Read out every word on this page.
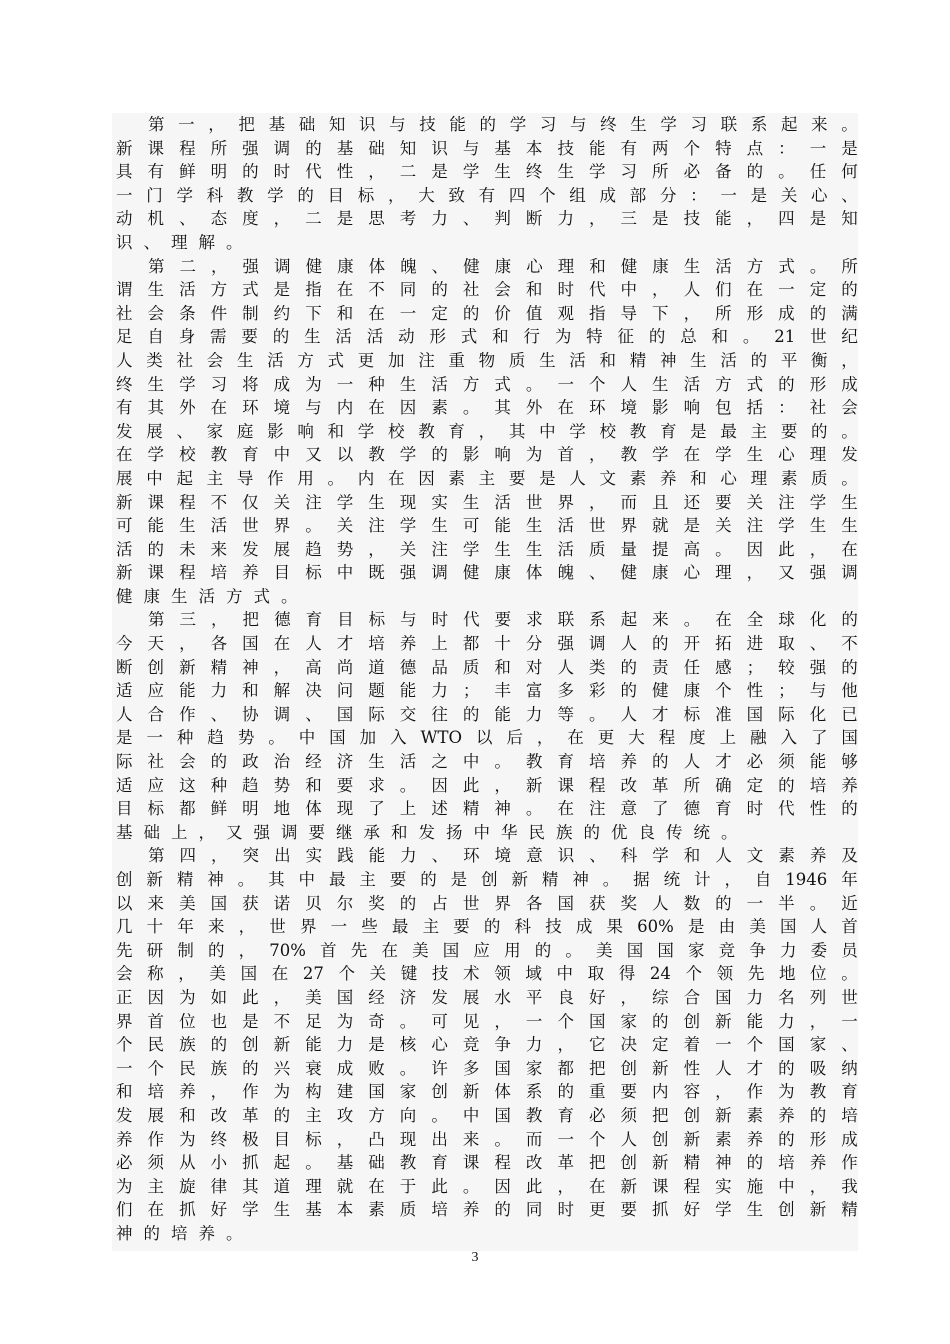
第 一 ， 把 基 础 知 识 与 技 能 的 学 习 与 终 生 学 习 联 系 起 来 。
新 课 程 所 强 调 的 基 础 知 识 与 基 本 技 能 有 两 个 特 点 ： 一 是
具 有 鲜 明 的 时 代 性 ， 二 是 学 生 终 生 学 习 所 必 备 的 。 任 何
一 门 学 科 教 学 的 目 标 ， 大 致 有 四 个 组 成 部 分 ： 一 是 关 心 、
动 机 、 态 度 ， 二 是 思 考 力 、 判 断 力 ， 三 是 技 能 ， 四 是 知
识 、 理 解 。
第 二 ， 强 调 健 康 体 魄 、 健 康 心 理 和 健 康 生 活 方 式 。 所
谓 生 活 方 式 是 指 在 不 同 的 社 会 和 时 代 中 ， 人 们 在 一 定 的
社 会 条 件 制 约 下 和 在 一 定 的 价 值 观 指 导 下 ， 所 形 成 的 满
足 自 身 需 要 的 生 活 活 动 形 式 和 行 为 特 征 的 总 和 。 21 世 纪
人 类 社 会 生 活 方 式 更 加 注 重 物 质 生 活 和 精 神 生 活 的 平 衡 ，
终 生 学 习 将 成 为 一 种 生 活 方 式 。 一 个 人 生 活 方 式 的 形 成
有 其 外 在 环 境 与 内 在 因 素 。 其 外 在 环 境 影 响 包 括 ： 社 会
发 展 、 家 庭 影 响 和 学 校 教 育 ， 其 中 学 校 教 育 是 最 主 要 的 。
在 学 校 教 育 中 又 以 教 学 的 影 响 为 首 ， 教 学 在 学 生 心 理 发
展 中 起 主 导 作 用 。 内 在 因 素 主 要 是 人 文 素 养 和 心 理 素 质 。
新 课 程 不 仅 关 注 学 生 现 实 生 活 世 界 ， 而 且 还 要 关 注 学 生
可 能 生 活 世 界 。 关 注 学 生 可 能 生 活 世 界 就 是 关 注 学 生 生
活 的 未 来 发 展 趋 势 ， 关 注 学 生 生 活 质 量 提 高 。 因 此 ， 在
新 课 程 培 养 目 标 中 既 强 调 健 康 体 魄 、 健 康 心 理 ， 又 强 调
健 康 生 活 方 式 。
第 三 ， 把 德 育 目 标 与 时 代 要 求 联 系 起 来 。 在 全 球 化 的
今 天 ， 各 国 在 人 才 培 养 上 都 十 分 强 调 人 的 开 拓 进 取 、 不
断 创 新 精 神 ， 高 尚 道 德 品 质 和 对 人 类 的 责 任 感 ； 较 强 的
适 应 能 力 和 解 决 问 题 能 力 ； 丰 富 多 彩 的 健 康 个 性 ； 与 他
人 合 作 、 协 调 、 国 际 交 往 的 能 力 等 。 人 才 标 准 国 际 化 已
是 一 种 趋 势 。 中 国 加 入 WTO 以 后 ， 在 更 大 程 度 上 融 入 了 国
际 社 会 的 政 治 经 济 生 活 之 中 。 教 育 培 养 的 人 才 必 须 能 够
适 应 这 种 趋 势 和 要 求 。 因 此 ， 新 课 程 改 革 所 确 定 的 培 养
目 标 都 鲜 明 地 体 现 了 上 述 精 神 。 在 注 意 了 德 育 时 代 性 的
基 础 上 ， 又 强 调 要 继 承 和 发 扬 中 华 民 族 的 优 良 传 统 。
第 四 ， 突 出 实 践 能 力 、 环 境 意 识 、 科 学 和 人 文 素 养 及
创 新 精 神 。 其 中 最 主 要 的 是 创 新 精 神 。 据 统 计 ， 自 1946 年
以 来 美 国 获 诺 贝 尔 奖 的 占 世 界 各 国 获 奖 人 数 的 一 半 。 近
几 十 年 来 ， 世 界 一 些 最 主 要 的 科 技 成 果 60% 是 由 美 国 人 首
先 研 制 的 ， 70% 首 先 在 美 国 应 用 的 。 美 国 国 家 竞 争 力 委 员
会 称 ， 美 国 在 27 个 关 键 技 术 领 域 中 取 得 24 个 领 先 地 位 。
正 因 为 如 此 ， 美 国 经 济 发 展 水 平 良 好 ， 综 合 国 力 名 列 世
界 首 位 也 是 不 足 为 奇 。 可 见 ， 一 个 国 家 的 创 新 能 力 ， 一
个 民 族 的 创 新 能 力 是 核 心 竞 争 力 ， 它 决 定 着 一 个 国 家 、
一 个 民 族 的 兴 衰 成 败 。 许 多 国 家 都 把 创 新 性 人 才 的 吸 纳
和 培 养 ， 作 为 构 建 国 家 创 新 体 系 的 重 要 内 容 ， 作 为 教 育
发 展 和 改 革 的 主 攻 方 向 。 中 国 教 育 必 须 把 创 新 素 养 的 培
养 作 为 终 极 目 标 ， 凸 现 出 来 。 而 一 个 人 创 新 素 养 的 形 成
必 须 从 小 抓 起 。 基 础 教 育 课 程 改 革 把 创 新 精 神 的 培 养 作
为 主 旋 律 其 道 理 就 在 于 此 。 因 此 ， 在 新 课 程 实 施 中 ， 我
们 在 抓 好 学 生 基 本 素 质 培 养 的 同 时 更 要 抓 好 学 生 创 新 精
神 的 培 养 。
3
